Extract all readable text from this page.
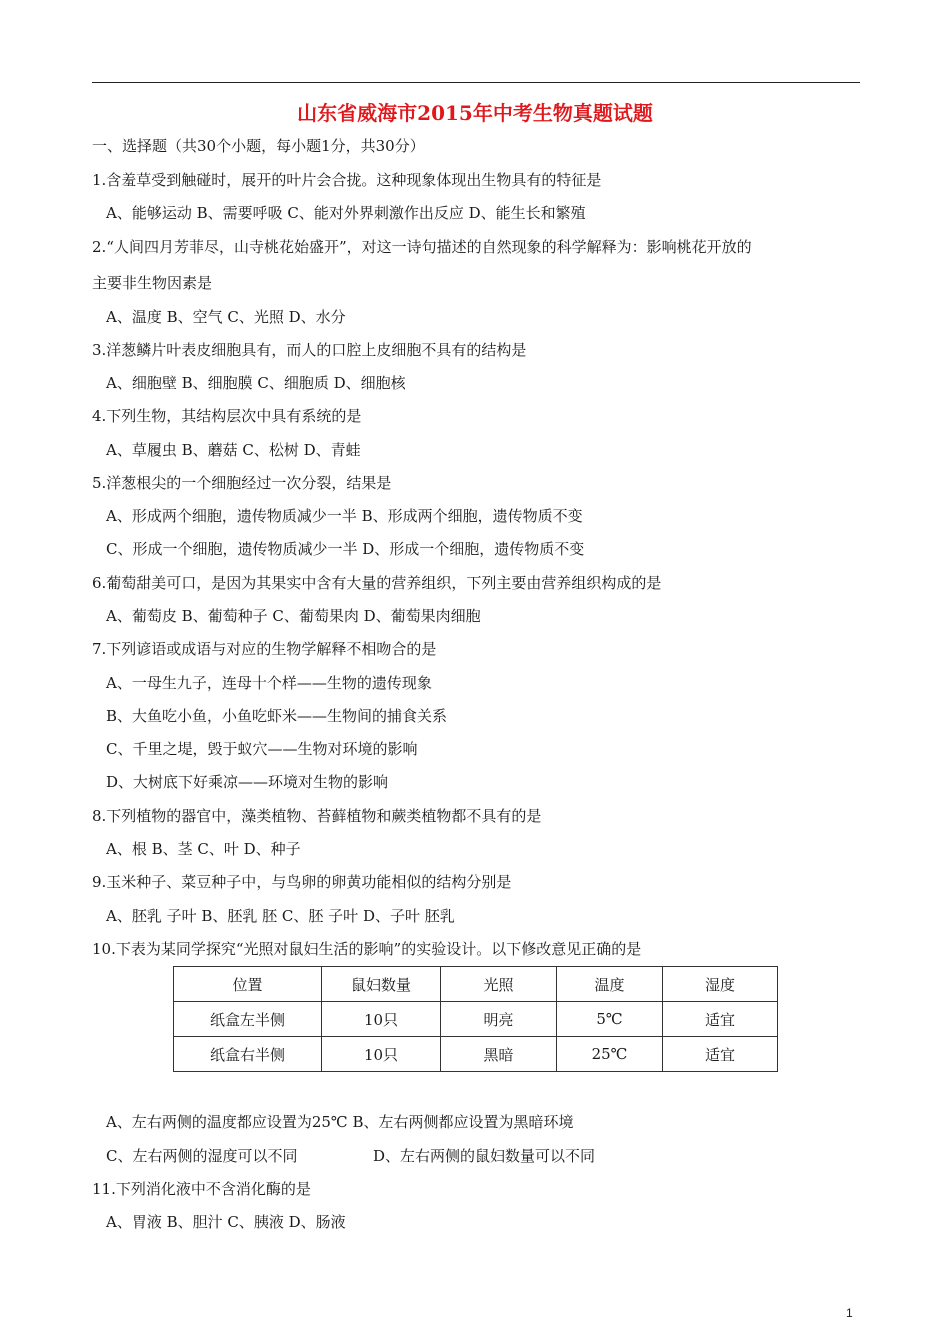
山东省威海市2015年中考生物真题试题
一、选择题（共30个小题，每小题1分，共30分）
1.含羞草受到触碰时，展开的叶片会合拢。这种现象体现出生物具有的特征是
A、能够运动 B、需要呼吸 C、能对外界刺激作出反应 D、能生长和繁殖
2.“人间四月芳菲尽，山寺桃花始盛开”，对这一诗句描述的自然现象的科学解释为：影响桃花开放的
主要非生物因素是
A、温度 B、空气 C、光照 D、水分
3.洋葱鳞片叶表皮细胞具有，而人的口腔上皮细胞不具有的结构是
A、细胞壁 B、细胞膜 C、细胞质 D、细胞核
4.下列生物，其结构层次中具有系统的是
A、草履虫 B、蘑菇 C、松树 D、青蛙
5.洋葱根尖的一个细胞经过一次分裂，结果是
A、形成两个细胞，遗传物质减少一半 B、形成两个细胞，遗传物质不变
C、形成一个细胞，遗传物质减少一半 D、形成一个细胞，遗传物质不变
6.葡萄甜美可口，是因为其果实中含有大量的营养组织，下列主要由营养组织构成的是
A、葡萄皮 B、葡萄种子 C、葡萄果肉 D、葡萄果肉细胞
7.下列谚语或成语与对应的生物学解释不相吻合的是
A、一母生九子，连母十个样——生物的遗传现象
B、大鱼吃小鱼，小鱼吃虾米——生物间的捕食关系
C、千里之堤，毁于蚁穴——生物对环境的影响
D、大树底下好乘凉——环境对生物的影响
8.下列植物的器官中，藻类植物、苔藓植物和蕨类植物都不具有的是
A、根 B、茎 C、叶 D、种子
9.玉米种子、菜豆种子中，与鸟卵的卵黄功能相似的结构分别是
A、胚乳 子叶 B、胚乳 胚 C、胚 子叶 D、子叶 胚乳
10.下表为某同学探究“光照对鼠妇生活的影响”的实验设计。以下修改意见正确的是
位置	鼠妇数量	光照	温度	湿度
纸盒左半侧	10只	明亮	5℃	适宜
纸盒右半侧	10只	黑暗	25℃	适宜
A、左右两侧的温度都应设置为25℃ B、左右两侧都应设置为黑暗环境
C、左右两侧的湿度可以不同	D、左右两侧的鼠妇数量可以不同
11.下列消化液中不含消化酶的是
A、胃液 B、胆汁 C、胰液 D、肠液
1
